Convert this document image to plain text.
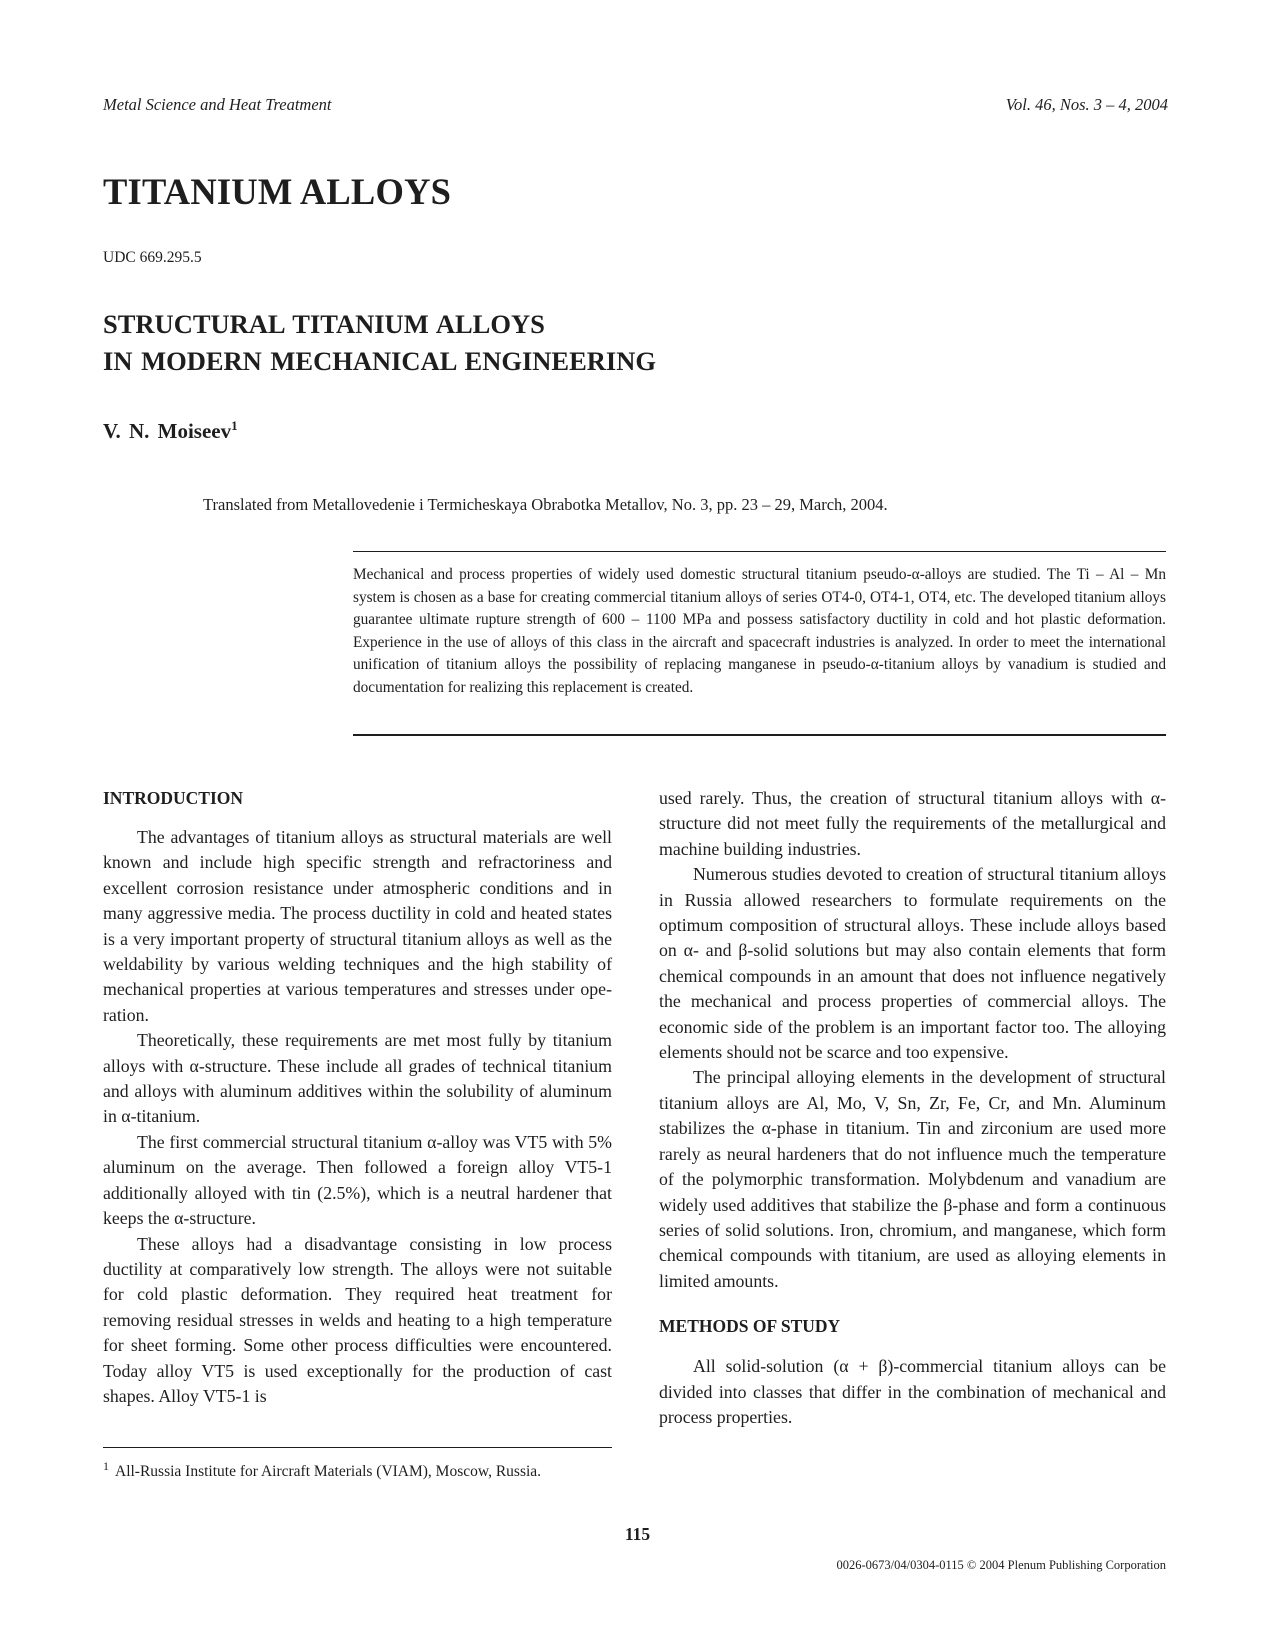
Metal Science and Heat Treatment	Vol. 46, Nos. 3 – 4, 2004
TITANIUM ALLOYS
UDC 669.295.5
STRUCTURAL TITANIUM ALLOYS
IN MODERN MECHANICAL ENGINEERING
V. N. Moiseev$^1$
Translated from Metallovedenie i Termicheskaya Obrabotka Metallov, No. 3, pp. 23 – 29, March, 2004.
Mechanical and process properties of widely used domestic structural titanium pseudo-α-alloys are studied. The Ti – Al – Mn system is chosen as a base for creating commercial titanium alloys of series OT4-0, OT4-1, OT4, etc. The developed titanium alloys guarantee ultimate rupture strength of 600 – 1100 MPa and possess satisfactory ductility in cold and hot plastic deformation. Experience in the use of alloys of this class in the aircraft and spacecraft industries is analyzed. In order to meet the international unification of titanium alloys the possibility of replacing manganese in pseudo-α-titanium alloys by vanadium is studied and documentation for realizing this replacement is created.
INTRODUCTION

The advantages of titanium alloys as structural materials are well known and include high specific strength and refractoriness and excellent corrosion resistance under atmospheric conditions and in many aggressive media. The process ductility in cold and heated states is a very important property of structural titanium alloys as well as the weldability by various welding techniques and the high stability of mechanical properties at various temperatures and stresses under operation.

Theoretically, these requirements are met most fully by titanium alloys with α-structure. These include all grades of technical titanium and alloys with aluminum additives within the solubility of aluminum in α-titanium.

The first commercial structural titanium α-alloy was VT5 with 5% aluminum on the average. Then followed a foreign alloy VT5-1 additionally alloyed with tin (2.5%), which is a neutral hardener that keeps the α-structure.

These alloys had a disadvantage consisting in low process ductility at comparatively low strength. The alloys were not suitable for cold plastic deformation. They required heat treatment for removing residual stresses in welds and heating to a high temperature for sheet forming. Some other process difficulties were encountered. Today alloy VT5 is used exceptionally for the production of cast shapes. Alloy VT5-1 is

used rarely. Thus, the creation of structural titanium alloys with α-structure did not meet fully the requirements of the metallurgical and machine building industries.

Numerous studies devoted to creation of structural titanium alloys in Russia allowed researchers to formulate requirements on the optimum composition of structural alloys. These include alloys based on α- and β-solid solutions but may also contain elements that form chemical compounds in an amount that does not influence negatively the mechanical and process properties of commercial alloys. The economic side of the problem is an important factor too. The alloying elements should not be scarce and too expensive.

The principal alloying elements in the development of structural titanium alloys are Al, Mo, V, Sn, Zr, Fe, Cr, and Mn. Aluminum stabilizes the α-phase in titanium. Tin and zirconium are used more rarely as neural hardeners that do not influence much the temperature of the polymorphic transformation. Molybdenum and vanadium are widely used additives that stabilize the β-phase and form a continuous series of solid solutions. Iron, chromium, and manganese, which form chemical compounds with titanium, are used as alloying elements in limited amounts.

METHODS OF STUDY

All solid-solution (α + β)-commercial titanium alloys can be divided into classes that differ in the combination of mechanical and process properties.

$^1$ All-Russia Institute for Aircraft Materials (VIAM), Moscow, Russia.
115
0026-0673/04/0304-0115 © 2004 Plenum Publishing Corporation
